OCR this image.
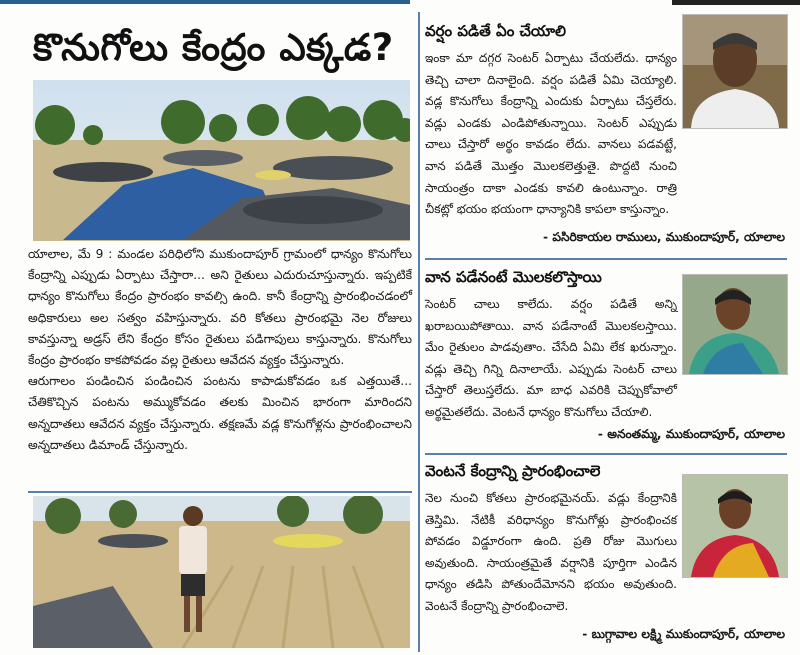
కొనుగోలు కేంద్రం ఎక్కడ?

యాలాల, మే 9 : మండల పరిధిలోని ముకుందాపూర్ గ్రామంలో ధాన్యం కొనుగోలు కేంద్రాన్ని ఎప్పుడు ఏర్పాటు చేస్తారా... అని రైతులు ఎదురుచూస్తున్నారు. ఇప్పటికే ధాన్యం కొనుగోలు కేంద్రం ప్రారంభం కావల్సి ఉంది. కానీ కేంద్రాన్ని ప్రారంభించడంలో అధికారులు అల సత్వం వహిస్తున్నారు. వరి కోతలు ప్రారంభమై నెల రోజులు కావస్తున్నా అడ్రస్ లేని కేంద్రం కోసం రైతులు పడిగాపులు కాస్తున్నారు. కొనుగోలు కేంద్రం ప్రారంభం కాకపోవడం వల్ల రైతులు ఆవేదన వ్యక్తం చేస్తున్నారు.

ఆరుగాలం పండించిన పండించిన పంటను కాపాడుకోవడం ఒక ఎత్తయితే... చేతికొచ్చిన పంటను అమ్ముకోవడం తలకు మించిన భారంగా మారిందని అన్నదాతలు ఆవేదన వ్యక్తం చేస్తున్నారు. తక్షణమే వడ్ల కొనుగోళ్లను ప్రారంభించాలని అన్నదాతలు డిమాండ్ చేస్తున్నారు.

వర్షం పడితే ఏం చేయాలి
ఇంకా మా దగ్గర సెంటర్ ఏర్పాటు చేయలేదు. ధాన్యం తెచ్చి చాలా దినాలైంది. వర్షం పడితే ఏమి చెయ్యాలి. వడ్ల కొనుగోలు కేంద్రాన్ని ఎందుకు ఏర్పాటు చేస్తలేరు. వడ్లు ఎండకు ఎండిపోతున్నాయి. సెంటర్ ఎప్పుడు చాలు చేస్తారో అర్థం కావడం లేదు. వానలు పడవట్టే, వాన పడితే మొత్తం మొలకలెత్తుతై. పొద్దటి నుంచి సాయంత్రం దాకా ఎండకు కావలి ఉంటున్నాం. రాత్రి చీకట్లో భయం భయంగా ధాన్యానికి కాపలా కాస్తున్నాం.
- పసిరికాయల రాములు, ముకుందాపూర్, యాలాల
వాన పడేనంటే మొలకలొస్తాయి
సెంటర్ చాలు కాలేదు. వర్షం పడితే అన్ని ఖరాబయిపోతాయి. వాన పడేనాంటే మొలకలస్తాయి. మేం రైతులం పాడవుతాం. చేసేది ఏమి లేక ఖరున్నాం. వడ్లు తెచ్చి గిన్ని దినాలాయే. ఎప్పుడు సెంటర్ చాలు చేస్తారో తెలుస్తలేదు. మా బాధ ఎవరికి చెప్పుకోవాలో అర్థమైతలేదు. వెంటనే ధాన్యం కొనుగోలు చేయాలి.
- అనంతమ్మ, ముకుందాపూర్, యాలాల
వెంటనే కేంద్రాన్ని ప్రారంభించాలె
నెల నుంచి కోతలు ప్రారంభమైనయ్. వడ్లు కేంద్రానికి తెస్తిమి. నేటికీ వరిధాన్యం కొనుగోళ్లు ప్రారంభించక పోవడం విడ్డూరంగా ఉంది. ప్రతి రోజు మొగులు అవుతుంది. సాయంత్రమైతే వర్షానికి పూర్తిగా ఎండిన ధాన్యం తడిసి పోతుందేమోనని భయం అవుతుంది. వెంటనే కేంద్రాన్ని ప్రారంభించాలె.
- బుగ్గావాల లక్ష్మి ముకుందాపూర్, యాలాల
